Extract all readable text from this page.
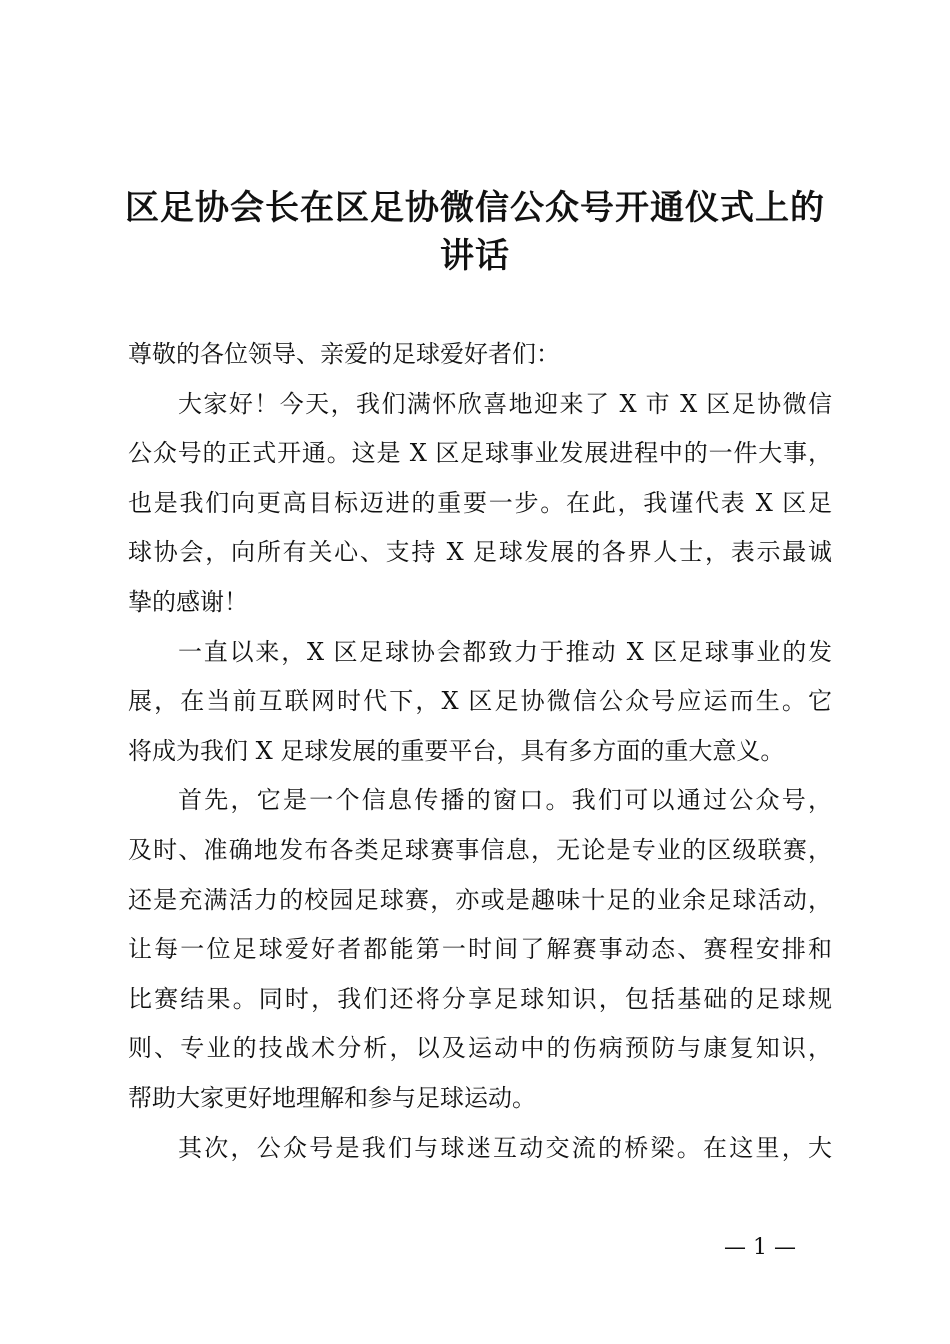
区足协会长在区足协微信公众号开通仪式上的
讲话
尊敬的各位领导、亲爱的足球爱好者们：
大家好！今天，我们满怀欣喜地迎来了 X 市 X 区足协微信
公众号的正式开通。这是 X 区足球事业发展进程中的一件大事，
也是我们向更高目标迈进的重要一步。在此，我谨代表 X 区足
球协会，向所有关心、支持 X 足球发展的各界人士，表示最诚
挚的感谢！
一直以来，X 区足球协会都致力于推动 X 区足球事业的发
展，在当前互联网时代下，X 区足协微信公众号应运而生。它
将成为我们 X 足球发展的重要平台，具有多方面的重大意义。
首先，它是一个信息传播的窗口。我们可以通过公众号，
及时、准确地发布各类足球赛事信息，无论是专业的区级联赛，
还是充满活力的校园足球赛，亦或是趣味十足的业余足球活动，
让每一位足球爱好者都能第一时间了解赛事动态、赛程安排和
比赛结果。同时，我们还将分享足球知识，包括基础的足球规
则、专业的技战术分析，以及运动中的伤病预防与康复知识，
帮助大家更好地理解和参与足球运动。
其次，公众号是我们与球迷互动交流的桥梁。在这里，大
— 1 —
